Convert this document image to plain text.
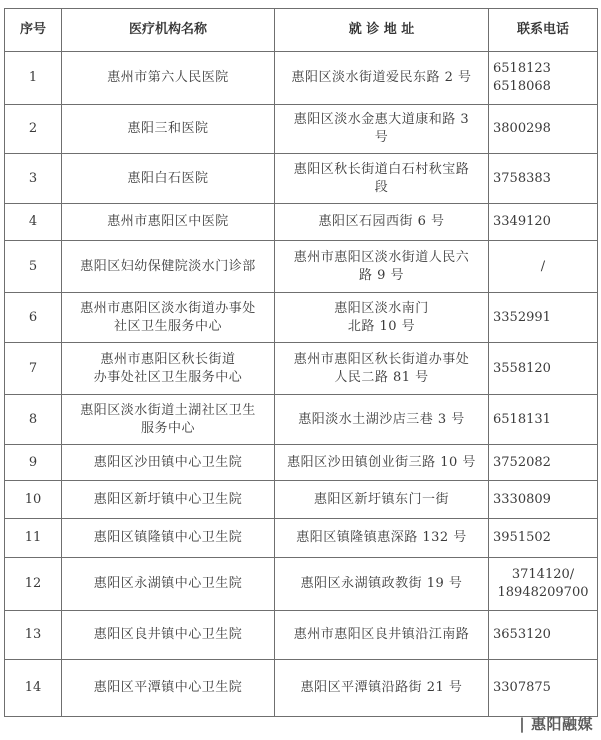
序号	医疗机构名称	就 诊 地 址	联系电话
1	惠州市第六人民医院	惠阳区淡水街道爱民东路 2 号	6518123
6518068

2	惠阳三和医院	惠阳区淡水金惠大道康和路 3
号	3800298

3	惠阳白石医院	惠阳区秋长街道白石村秋宝路
段	3758383

4	惠州市惠阳区中医院	惠阳区石园西街 6 号	3349120

5	惠阳区妇幼保健院淡水门诊部	惠州市惠阳区淡水街道人民六
路 9 号	/

6	惠州市惠阳区淡水街道办事处
社区卫生服务中心	惠阳区淡水南门
北路 10 号	3352991

7	惠州市惠阳区秋长街道
办事处社区卫生服务中心	惠州市惠阳区秋长街道办事处
人民二路 81 号	3558120

8	惠阳区淡水街道土湖社区卫生
服务中心	惠阳淡水土湖沙店三巷 3 号	6518131

9	惠阳区沙田镇中心卫生院	惠阳区沙田镇创业街三路 10 号	3752082

10	惠阳区新圩镇中心卫生院	惠阳区新圩镇东门一街	3330809

11	惠阳区镇隆镇中心卫生院	惠阳区镇隆镇惠深路 132 号	3951502

12	惠阳区永湖镇中心卫生院	惠阳区永湖镇政教街 19 号	3714120/
18948209700

13	惠阳区良井镇中心卫生院	惠州市惠阳区良井镇沿江南路	3653120

14	惠阳区平潭镇中心卫生院	惠阳区平潭镇沿路街 21 号	3307875
| 惠阳融媒
